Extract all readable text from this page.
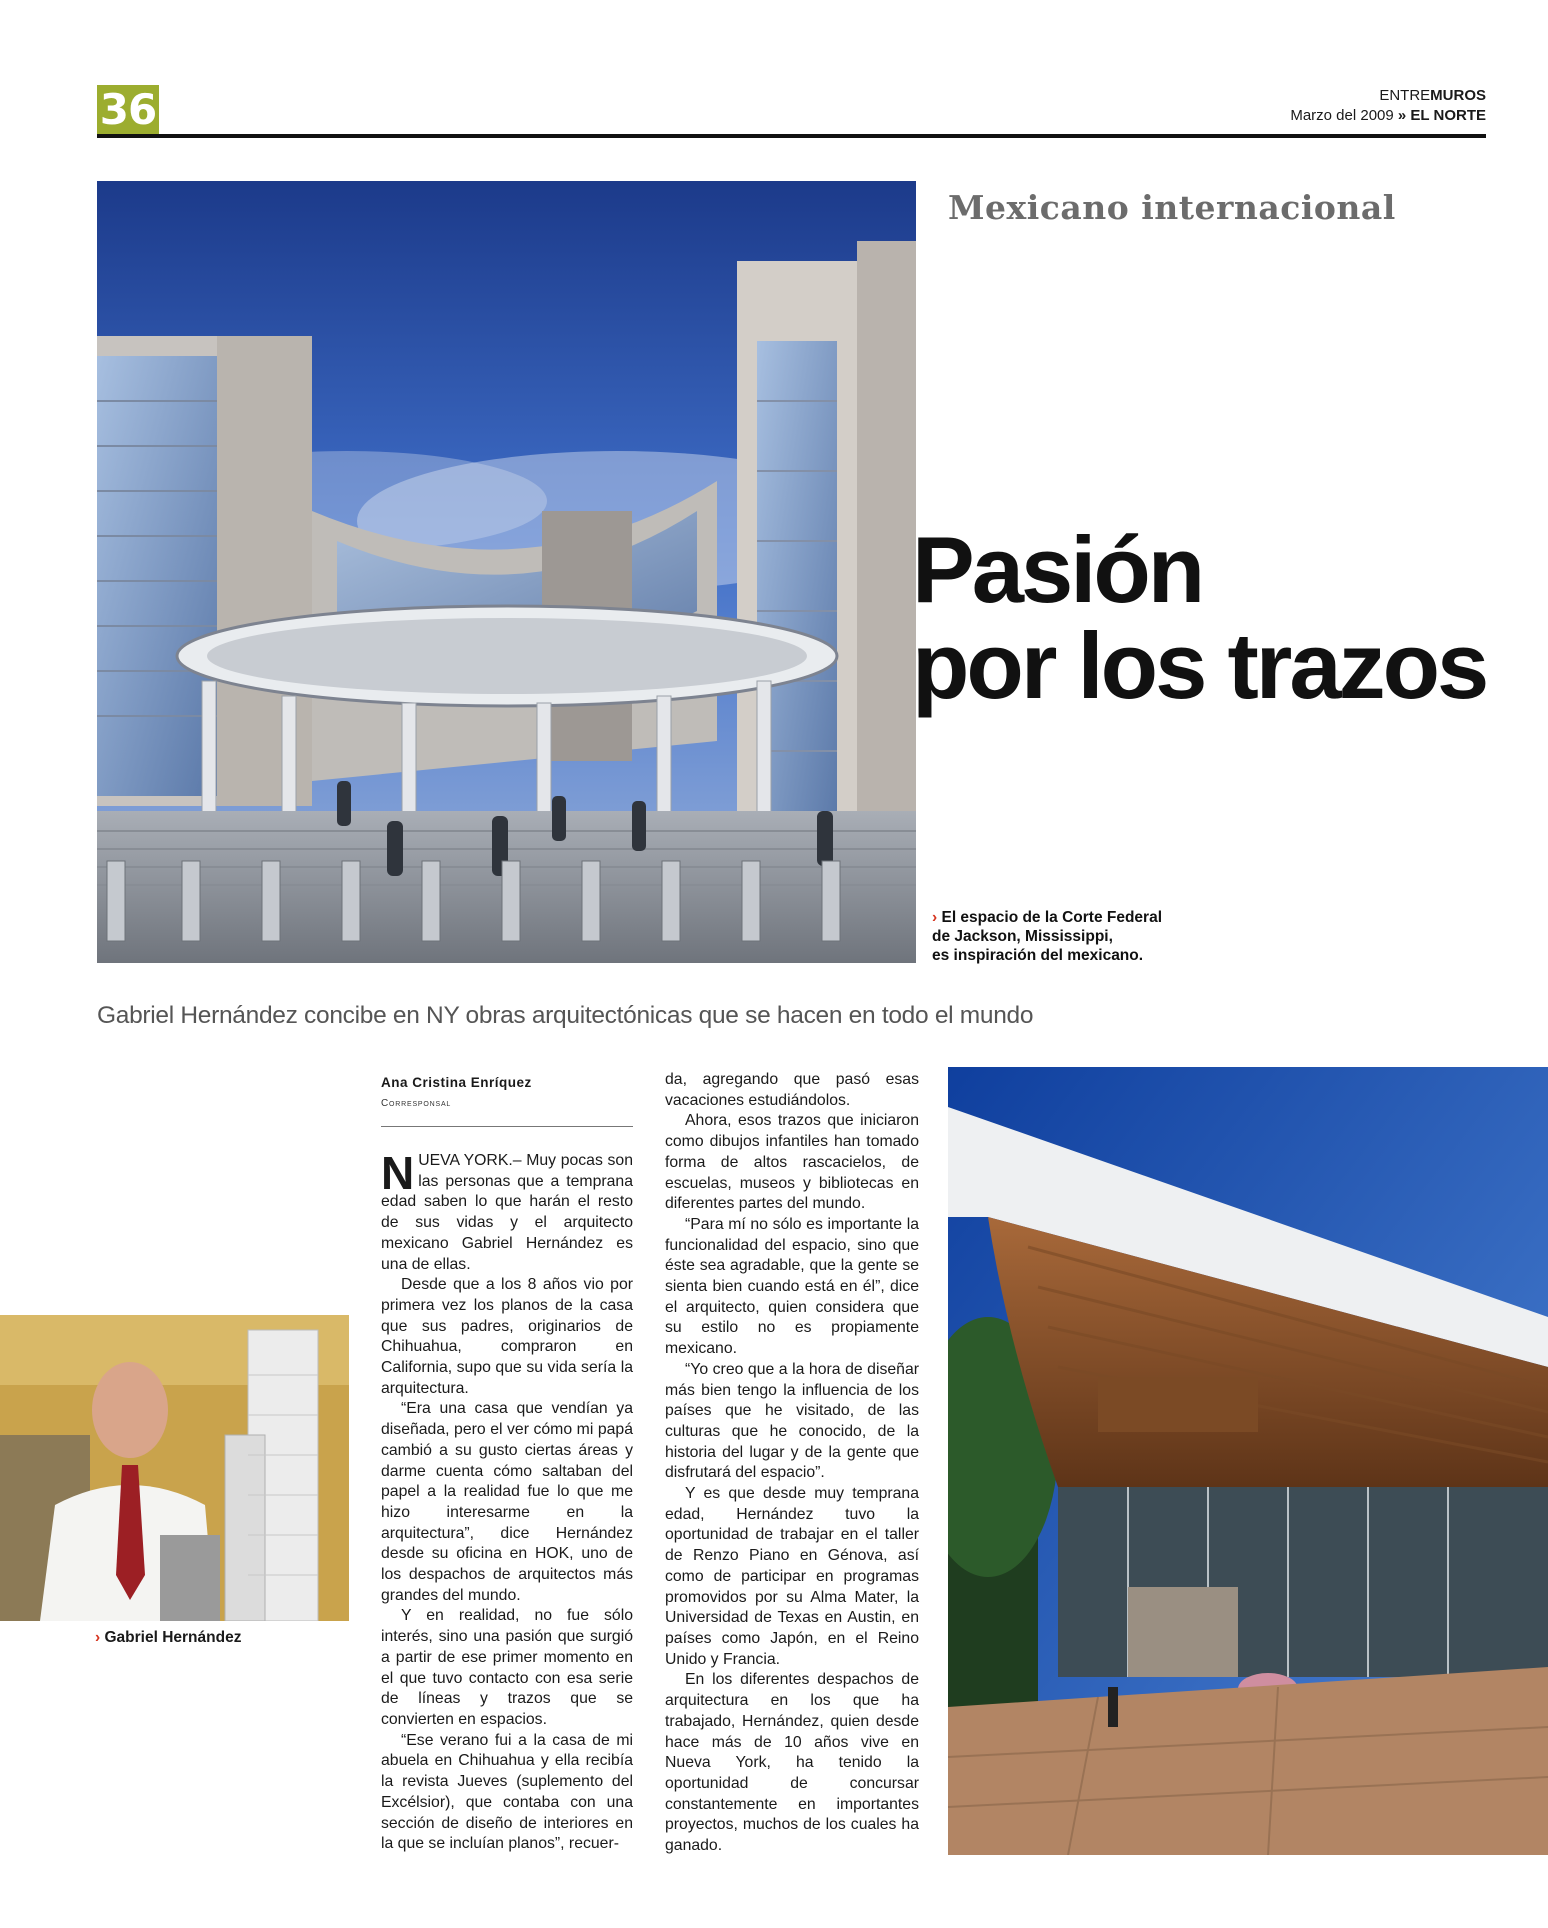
36	ENTREMUROS
Marzo del 2009 » EL NORTE
Mexicano internacional
Pasión
por los trazos
› El espacio de la Corte Federal
de Jackson, Mississippi,
es inspiración del mexicano.
Gabriel Hernández concibe en NY obras arquitectónicas que se hacen en todo el mundo
› Gabriel Hernández
Ana Cristina Enríquez
Corresponsal

NUEVA YORK.– Muy pocas son las personas que a temprana edad saben lo que harán el resto de sus vidas y el arquitecto mexicano Gabriel Hernández es una de ellas.

Desde que a los 8 años vio por primera vez los planos de la casa que sus padres, originarios de Chihuahua, compraron en California, supo que su vida sería la arquitectura.

“Era una casa que vendían ya diseñada, pero el ver cómo mi papá cambió a su gusto ciertas áreas y darme cuenta cómo saltaban del papel a la realidad fue lo que me hizo interesarme en la arquitectura”, dice Hernández desde su oficina en HOK, uno de los despachos de arquitectos más grandes del mundo.

Y en realidad, no fue sólo interés, sino una pasión que surgió a partir de ese primer momento en el que tuvo contacto con esa serie de líneas y trazos que se convierten en espacios.

“Ese verano fui a la casa de mi abuela en Chihuahua y ella recibía la revista Jueves (suplemento del Excélsior), que contaba con una sección de diseño de interiores en la que se incluían planos”, recuer-

da, agregando que pasó esas vacaciones estudiándolos.

Ahora, esos trazos que iniciaron como dibujos infantiles han tomado forma de altos rascacielos, de escuelas, museos y bibliotecas en diferentes partes del mundo.

“Para mí no sólo es importante la funcionalidad del espacio, sino que éste sea agradable, que la gente se sienta bien cuando está en él”, dice el arquitecto, quien considera que su estilo no es propiamente mexicano.

“Yo creo que a la hora de diseñar más bien tengo la influencia de los países que he visitado, de las culturas que he conocido, de la historia del lugar y de la gente que disfrutará del espacio”.

Y es que desde muy temprana edad, Hernández tuvo la oportunidad de trabajar en el taller de Renzo Piano en Génova, así como de participar en programas promovidos por su Alma Mater, la Universidad de Texas en Austin, en países como Japón, en el Reino Unido y Francia.

En los diferentes despachos de arquitectura en los que ha trabajado, Hernández, quien desde hace más de 10 años vive en Nueva York, ha tenido la oportunidad de concursar constantemente en importantes proyectos, muchos de los cuales ha ganado.
